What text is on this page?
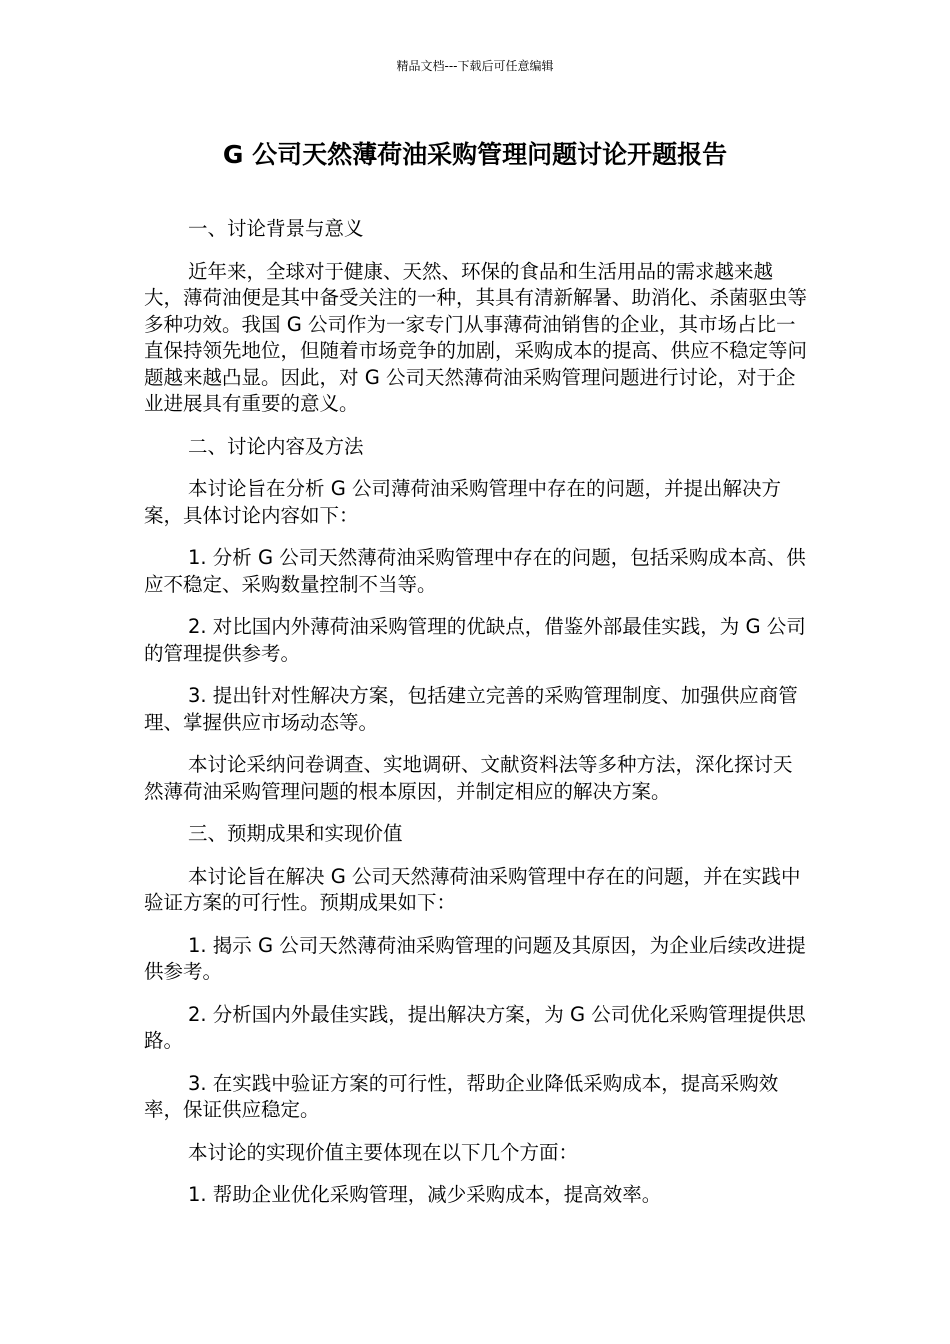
精品文档---下载后可任意编辑
G 公司天然薄荷油采购管理问题讨论开题报告

一、讨论背景与意义

近年来，全球对于健康、天然、环保的食品和生活用品的需求越来越大，薄荷油便是其中备受关注的一种，其具有清新解暑、助消化、杀菌驱虫等多种功效。我国 G 公司作为一家专门从事薄荷油销售的企业，其市场占比一直保持领先地位，但随着市场竞争的加剧，采购成本的提高、供应不稳定等问题越来越凸显。因此，对 G 公司天然薄荷油采购管理问题进行讨论，对于企业进展具有重要的意义。

二、讨论内容及方法

本讨论旨在分析 G 公司薄荷油采购管理中存在的问题，并提出解决方案，具体讨论内容如下：

1. 分析 G 公司天然薄荷油采购管理中存在的问题，包括采购成本高、供应不稳定、采购数量控制不当等。

2. 对比国内外薄荷油采购管理的优缺点，借鉴外部最佳实践，为 G 公司的管理提供参考。

3. 提出针对性解决方案，包括建立完善的采购管理制度、加强供应商管理、掌握供应市场动态等。

本讨论采纳问卷调查、实地调研、文献资料法等多种方法，深化探讨天然薄荷油采购管理问题的根本原因，并制定相应的解决方案。

三、预期成果和实现价值

本讨论旨在解决 G 公司天然薄荷油采购管理中存在的问题，并在实践中验证方案的可行性。预期成果如下：

1. 揭示 G 公司天然薄荷油采购管理的问题及其原因，为企业后续改进提供参考。

2. 分析国内外最佳实践，提出解决方案，为 G 公司优化采购管理提供思路。

3. 在实践中验证方案的可行性，帮助企业降低采购成本，提高采购效率，保证供应稳定。

本讨论的实现价值主要体现在以下几个方面：

1. 帮助企业优化采购管理，减少采购成本，提高效率。
